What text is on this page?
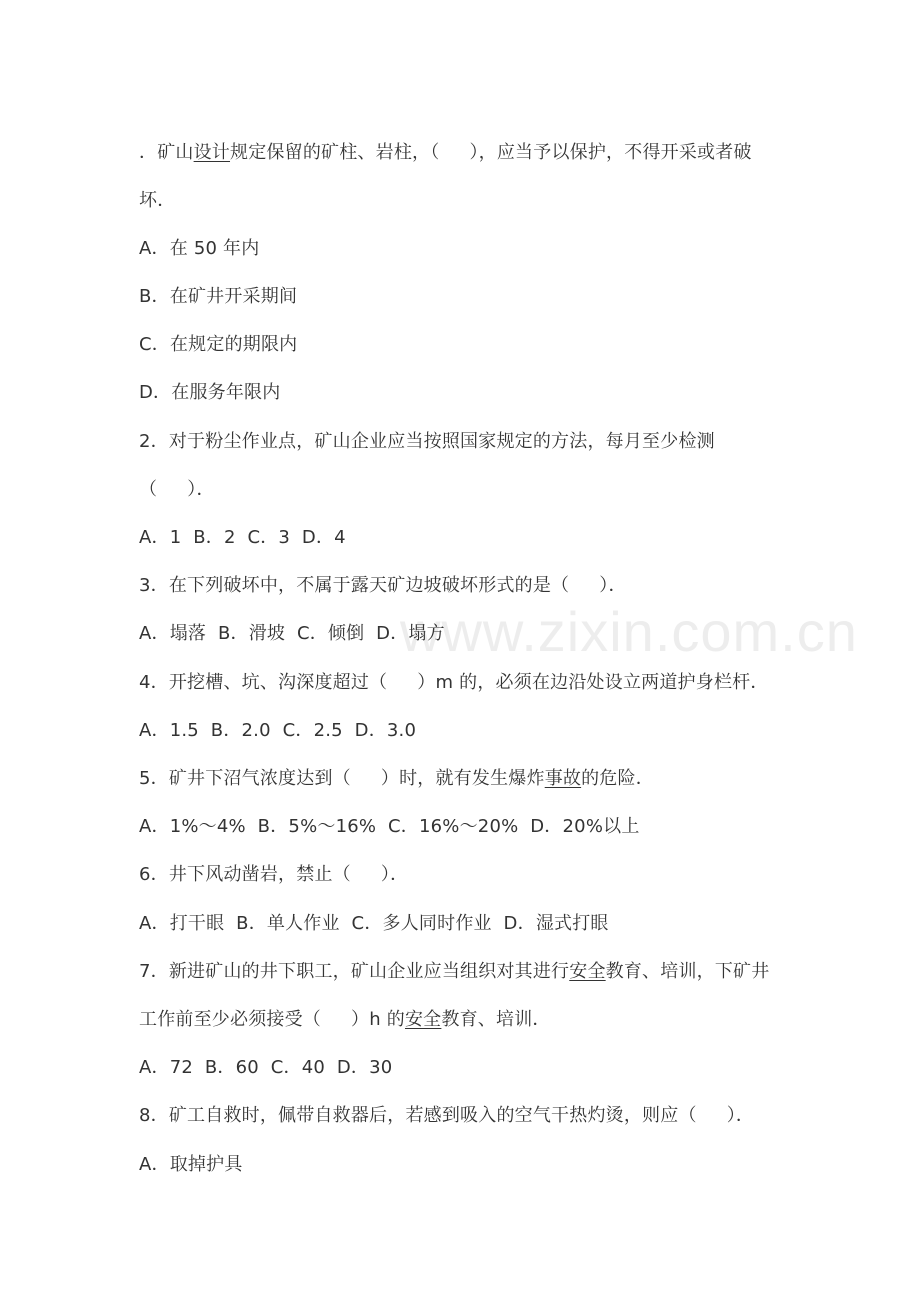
www.zixin.com.cn
．矿山设计规定保留的矿柱、岩柱，（　  ），应当予以保护，不得开采或者破
坏．
A．在 50 年内
B．在矿井开采期间
C．在规定的期限内
D．在服务年限内
2．对于粉尘作业点，矿山企业应当按照国家规定的方法，每月至少检测
（　  ）．
A．1  B．2  C．3  D．4
3．在下列破坏中，不属于露天矿边坡破坏形式的是（　  ）．
A．塌落  B．滑坡  C．倾倒  D．塌方
4．开挖槽、坑、沟深度超过（　  ）m 的，必须在边沿处设立两道护身栏杆．
A．1.5  B．2.0  C．2.5  D．3.0
5．矿井下沼气浓度达到（　  ）时，就有发生爆炸事故的危险．
A．1%～4%  B．5%～16%  C．16%～20%  D．20%以上
6．井下风动凿岩，禁止（　  ）．
A．打干眼  B．单人作业  C．多人同时作业  D．湿式打眼
7．新进矿山的井下职工，矿山企业应当组织对其进行安全教育、培训，下矿井
工作前至少必须接受（　  ）h 的安全教育、培训．
A．72  B．60  C．40  D．30
8．矿工自救时，佩带自救器后，若感到吸入的空气干热灼烫，则应（　  ）．
A．取掉护具
